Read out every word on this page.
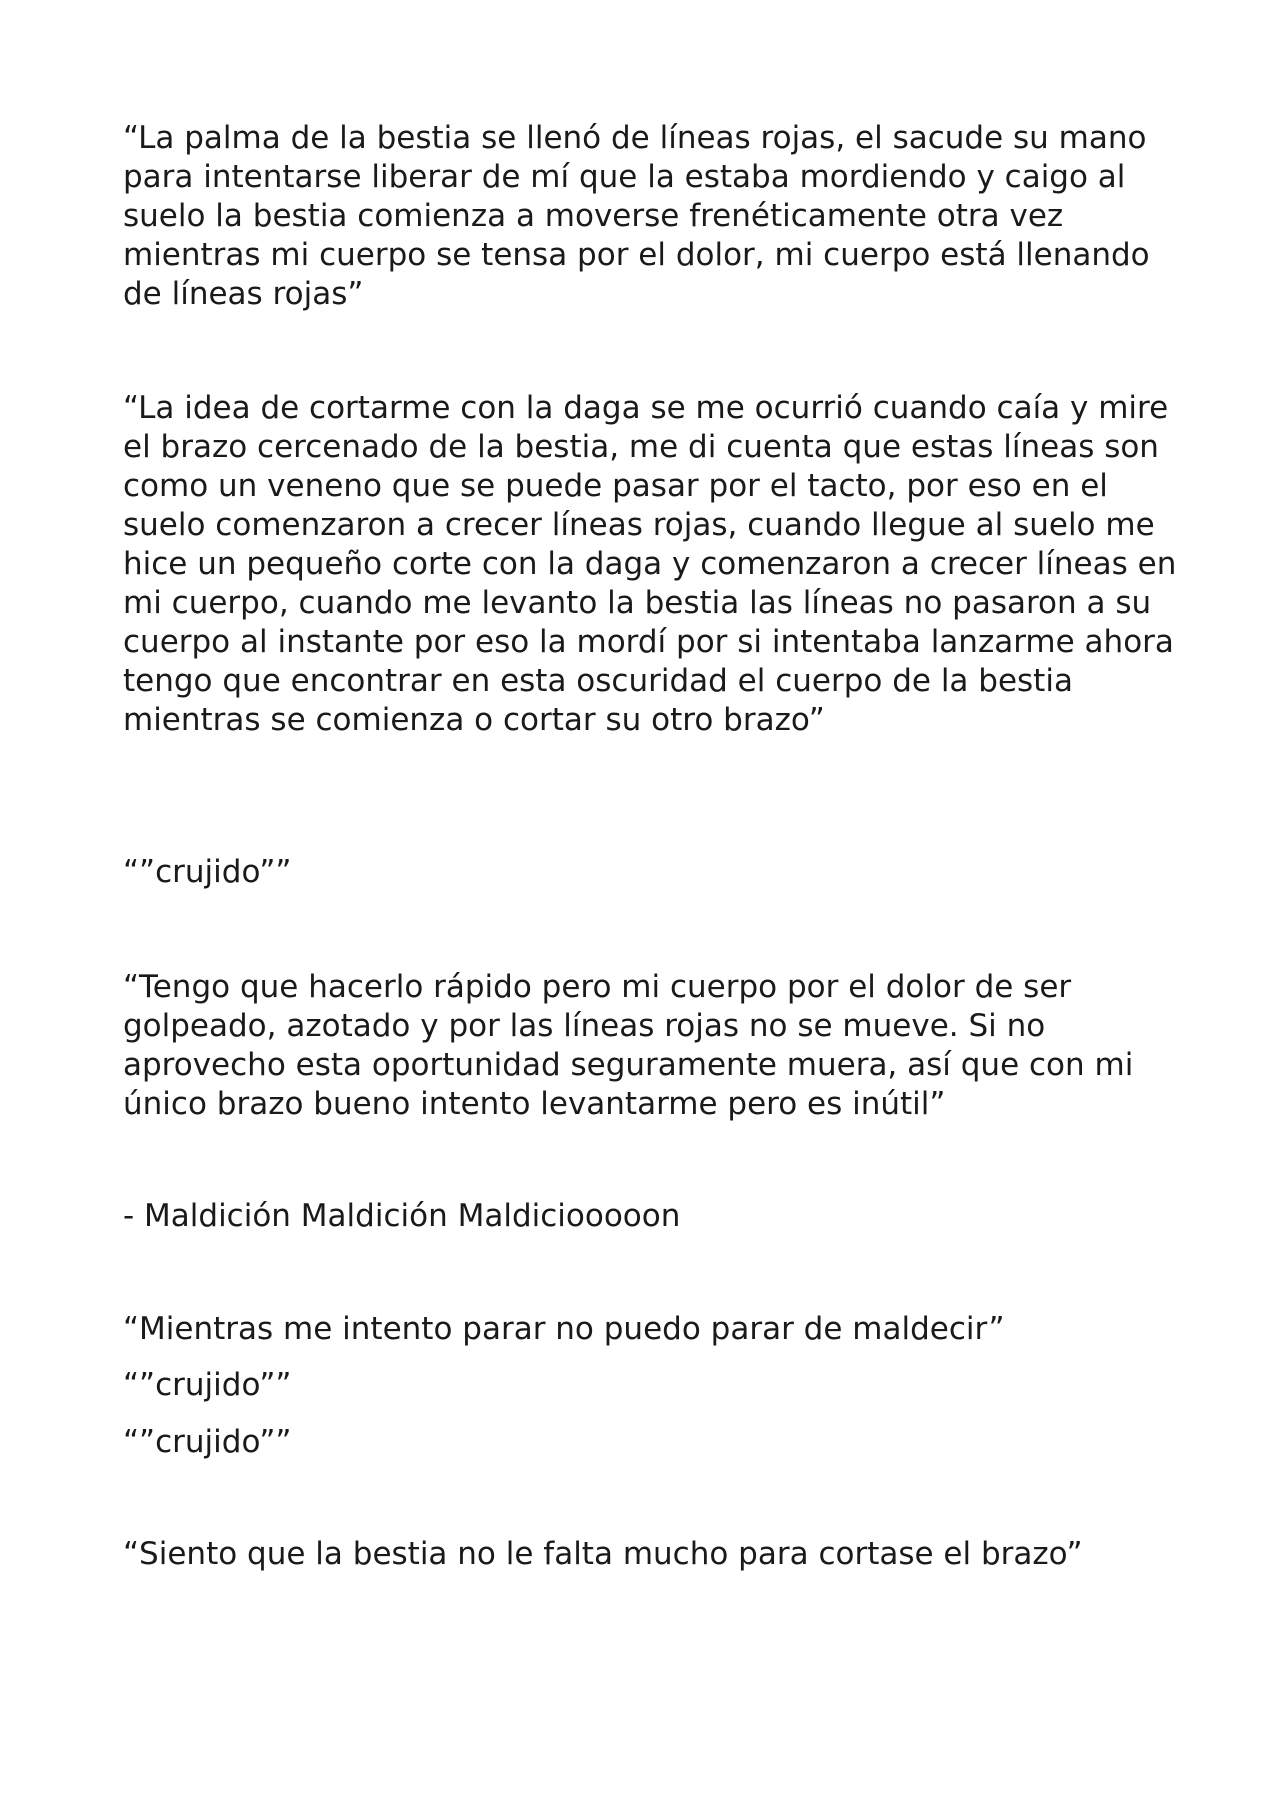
“La palma de la bestia se llenó de líneas rojas, el sacude su mano para intentarse liberar de mí que la estaba mordiendo y caigo al suelo la bestia comienza a moverse frenéticamente otra vez mientras mi cuerpo se tensa por el dolor, mi cuerpo está llenando de líneas rojas”

“La idea de cortarme con la daga se me ocurrió cuando caía y mire el brazo cercenado de la bestia, me di cuenta que estas líneas son como un veneno que se puede pasar por el tacto, por eso en el suelo comenzaron a crecer líneas rojas, cuando llegue al suelo me hice un pequeño corte con la daga y comenzaron a crecer líneas en mi cuerpo, cuando me levanto la bestia las líneas no pasaron a su cuerpo al instante por eso la mordí por si intentaba lanzarme ahora tengo que encontrar en esta oscuridad el cuerpo de la bestia mientras se comienza o cortar su otro brazo”

“”crujido””

“Tengo que hacerlo rápido pero mi cuerpo por el dolor de ser golpeado, azotado y por las líneas rojas no se mueve. Si no aprovecho esta oportunidad seguramente muera, así que con mi único brazo bueno intento levantarme pero es inútil”

- Maldición Maldición Maldiciooooon

“Mientras me intento parar no puedo parar de maldecir”

“”crujido””

“”crujido””

“Siento que la bestia no le falta mucho para cortase el brazo”
